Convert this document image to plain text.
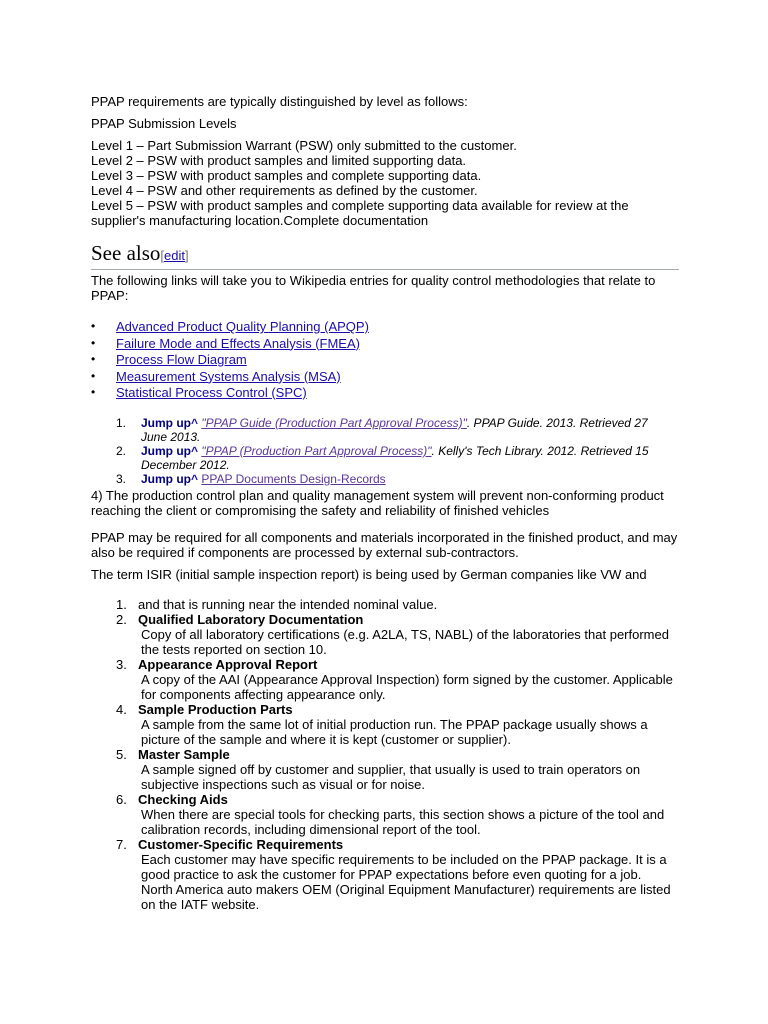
PPAP requirements are typically distinguished by level as follows:

PPAP Submission Levels

Level 1 – Part Submission Warrant (PSW) only submitted to the customer.

Level 2 – PSW with product samples and limited supporting data.

Level 3 – PSW with product samples and complete supporting data.

Level 4 – PSW and other requirements as defined by the customer.

Level 5 – PSW with product samples and complete supporting data available for review at the supplier's manufacturing location.Complete documentation

See also[edit]

The following links will take you to Wikipedia entries for quality control methodologies that relate to PPAP:

• Advanced Product Quality Planning (APQP)
• Failure Mode and Effects Analysis (FMEA)
• Process Flow Diagram
• Measurement Systems Analysis (MSA)
• Statistical Process Control (SPC)
1. Jump up^ "PPAP Guide (Production Part Approval Process)". PPAP Guide. 2013. Retrieved 27 June 2013.
2. Jump up^ "PPAP (Production Part Approval Process)". Kelly's Tech Library. 2012. Retrieved 15 December 2012.
3. Jump up^ PPAP Documents Design-Records

4) The production control plan and quality management system will prevent non-conforming product reaching the client or compromising the safety and reliability of finished vehicles

PPAP may be required for all components and materials incorporated in the finished product, and may also be required if components are processed by external sub-contractors.

The term ISIR (initial sample inspection report) is being used by German companies like VW and

1. and that is running near the intended nominal value.
2. Qualified Laboratory Documentation
Copy of all laboratory certifications (e.g. A2LA, TS, NABL) of the laboratories that performed the tests reported on section 10.
3. Appearance Approval Report
A copy of the AAI (Appearance Approval Inspection) form signed by the customer. Applicable for components affecting appearance only.
4. Sample Production Parts
A sample from the same lot of initial production run. The PPAP package usually shows a picture of the sample and where it is kept (customer or supplier).
5. Master Sample
A sample signed off by customer and supplier, that usually is used to train operators on subjective inspections such as visual or for noise.
6. Checking Aids
When there are special tools for checking parts, this section shows a picture of the tool and calibration records, including dimensional report of the tool.
7. Customer-Specific Requirements
Each customer may have specific requirements to be included on the PPAP package. It is a good practice to ask the customer for PPAP expectations before even quoting for a job. North America auto makers OEM (Original Equipment Manufacturer) requirements are listed on the IATF website.
